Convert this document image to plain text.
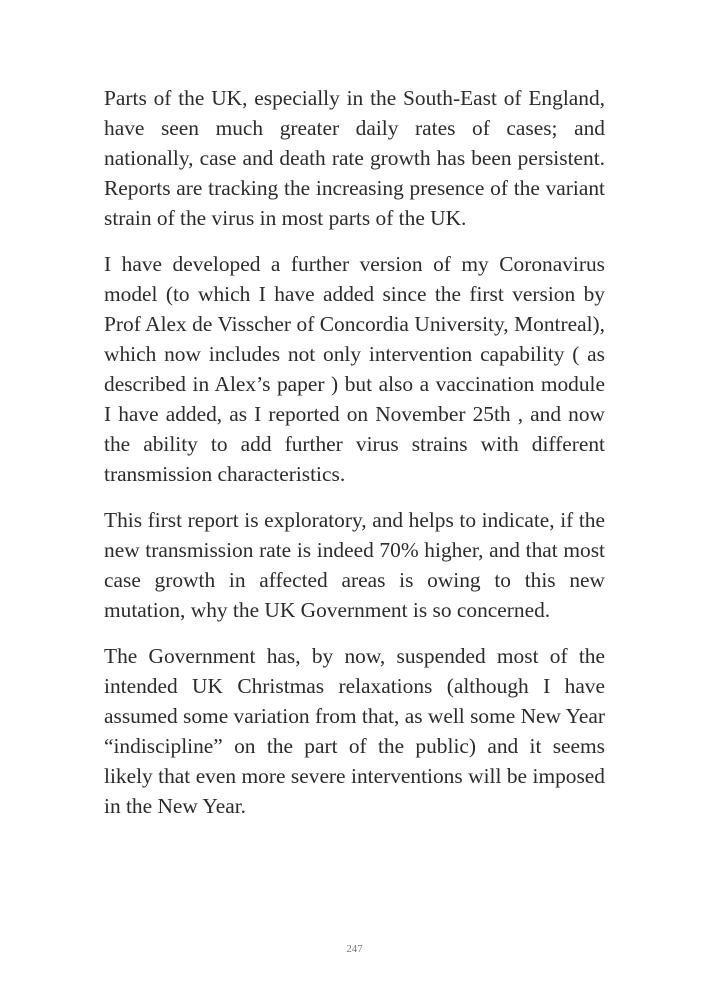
Parts of the UK, especially in the South-East of England, have seen much greater daily rates of cases; and nationally, case and death rate growth has been persistent. Reports are tracking the increasing presence of the variant strain of the virus in most parts of the UK.

I have developed a further version of my Coronavirus model (to which I have added since the first version by Prof Alex de Visscher of Concordia University, Montreal), which now includes not only intervention capability ( as described in Alex’s paper ) but also a vaccination module I have added, as I reported on November 25th , and now the ability to add further virus strains with different transmission characteristics.

This first report is exploratory, and helps to indicate, if the new transmission rate is indeed 70% higher, and that most case growth in affected areas is owing to this new mutation, why the UK Government is so concerned.

The Government has, by now, suspended most of the intended UK Christmas relaxations (although I have assumed some variation from that, as well some New Year “indiscipline” on the part of the public) and it seems likely that even more severe interventions will be imposed in the New Year.

247
